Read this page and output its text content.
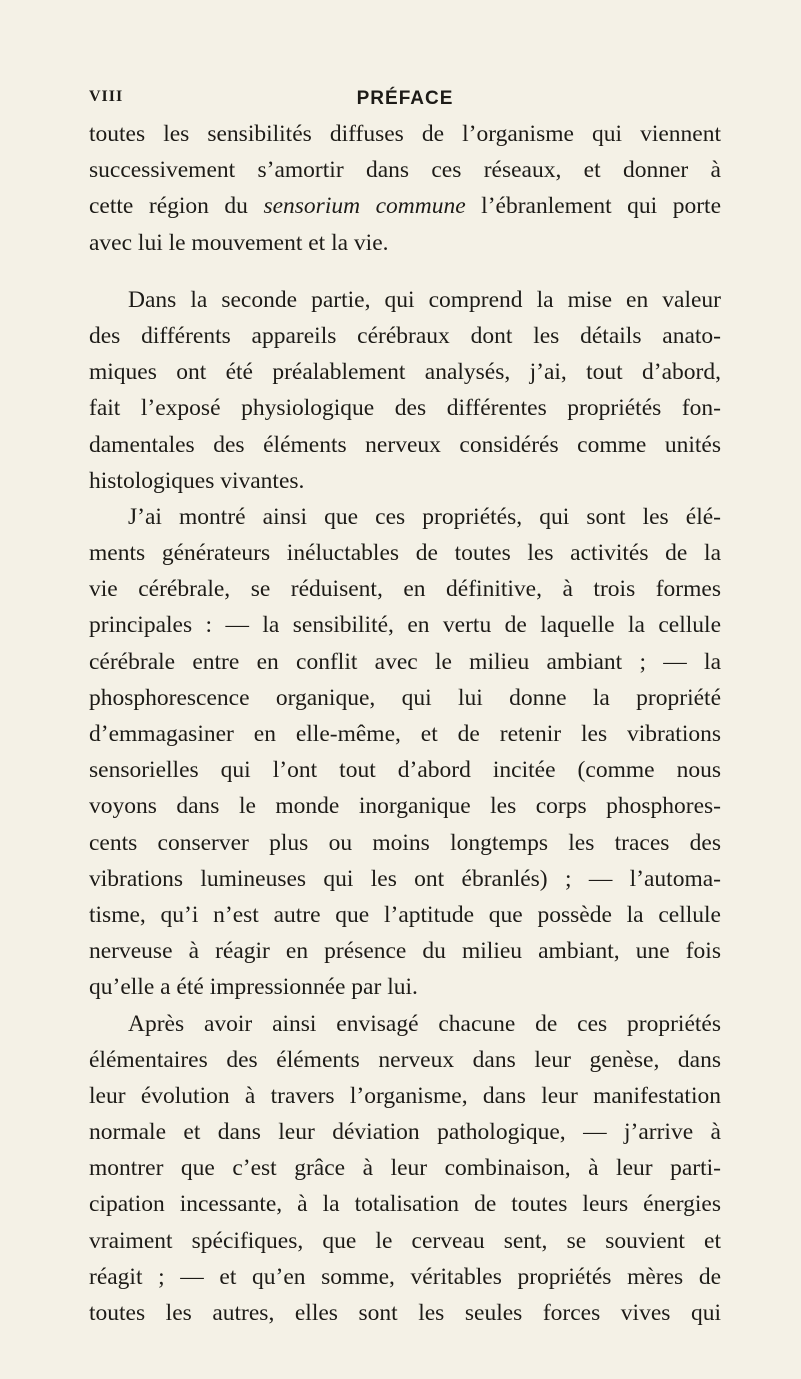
VIII	PRÉFACE
toutes les sensibilités diffuses de l’organisme qui viennent
successivement s’amortir dans ces réseaux, et donner à
cette région du sensorium commune l’ébranlement qui porte
avec lui le mouvement et la vie.
Dans la seconde partie, qui comprend la mise en valeur
des différents appareils cérébraux dont les détails anato-
miques ont été préalablement analysés, j’ai, tout d’abord,
fait l’exposé physiologique des différentes propriétés fon-
damentales des éléments nerveux considérés comme unités
histologiques vivantes.
J’ai montré ainsi que ces propriétés, qui sont les élé-
ments générateurs inéluctables de toutes les activités de la
vie cérébrale, se réduisent, en définitive, à trois formes
principales : — la sensibilité, en vertu de laquelle la cellule
cérébrale entre en conflit avec le milieu ambiant ; — la
phosphorescence organique, qui lui donne la propriété
d’emmagasiner en elle-même, et de retenir les vibrations
sensorielles qui l’ont tout d’abord incitée (comme nous
voyons dans le monde inorganique les corps phosphores-
cents conserver plus ou moins longtemps les traces des
vibrations lumineuses qui les ont ébranlés) ; — l’automa-
tisme, qu’i n’est autre que l’aptitude que possède la cellule
nerveuse à réagir en présence du milieu ambiant, une fois
qu’elle a été impressionnée par lui.
Après avoir ainsi envisagé chacune de ces propriétés
élémentaires des éléments nerveux dans leur genèse, dans
leur évolution à travers l’organisme, dans leur manifestation
normale et dans leur déviation pathologique, — j’arrive à
montrer que c’est grâce à leur combinaison, à leur parti-
cipation incessante, à la totalisation de toutes leurs énergies
vraiment spécifiques, que le cerveau sent, se souvient et
réagit ; — et qu’en somme, véritables propriétés mères de
toutes les autres, elles sont les seules forces vives qui
